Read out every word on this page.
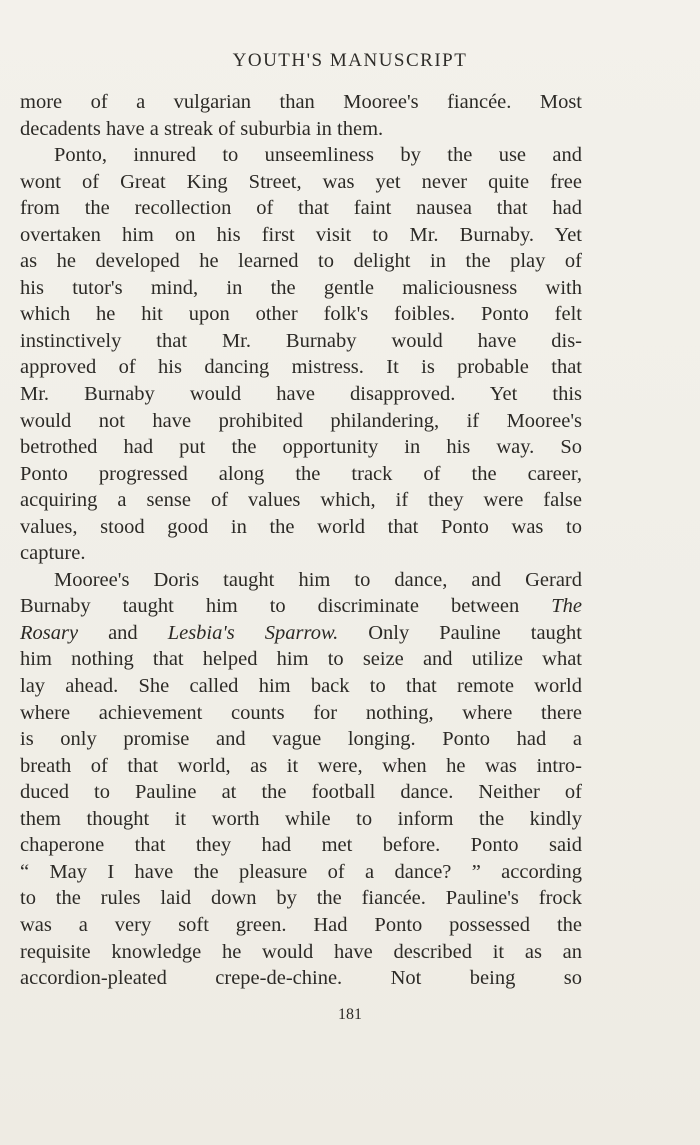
YOUTH'S MANUSCRIPT
more of a vulgarian than Mooree's fiancée. Most
decadents have a streak of suburbia in them.
Ponto, innured to unseemliness by the use and
wont of Great King Street, was yet never quite free
from the recollection of that faint nausea that had
overtaken him on his first visit to Mr. Burnaby. Yet
as he developed he learned to delight in the play of
his tutor's mind, in the gentle maliciousness with
which he hit upon other folk's foibles. Ponto felt
instinctively that Mr. Burnaby would have dis-
approved of his dancing mistress. It is probable that
Mr. Burnaby would have disapproved. Yet this
would not have prohibited philandering, if Mooree's
betrothed had put the opportunity in his way. So
Ponto progressed along the track of the career,
acquiring a sense of values which, if they were false
values, stood good in the world that Ponto was to
capture.
Mooree's Doris taught him to dance, and Gerard
Burnaby taught him to discriminate between The
Rosary and Lesbia's Sparrow. Only Pauline taught
him nothing that helped him to seize and utilize what
lay ahead. She called him back to that remote world
where achievement counts for nothing, where there
is only promise and vague longing. Ponto had a
breath of that world, as it were, when he was intro-
duced to Pauline at the football dance. Neither of
them thought it worth while to inform the kindly
chaperone that they had met before. Ponto said
“ May I have the pleasure of a dance? ” according
to the rules laid down by the fiancée. Pauline's frock
was a very soft green. Had Ponto possessed the
requisite knowledge he would have described it as an
accordion-pleated crepe-de-chine. Not being so
181
